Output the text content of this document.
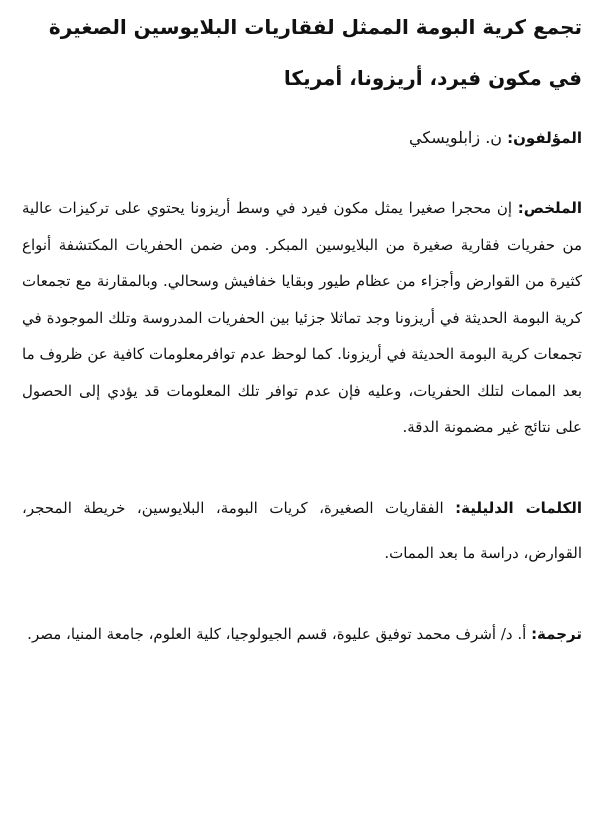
تجمع كرية البومة الممثل لفقاريات البلايوسين الصغيرة في مكون فيرد، أريزونا، أمريكا

المؤلفون: ن. زابلويسكي

الملخص: إن محجرا صغيرا يمثل مكون فيرد في وسط أريزونا يحتوي على تركيزات عالية من حفريات فقارية صغيرة من البلايوسين المبكر. ومن ضمن الحفريات المكتشفة أنواع كثيرة من القوارض وأجزاء من عظام طيور وبقايا خفافيش وسحالي. وبالمقارنة مع تجمعات كرية البومة الحديثة في أريزونا وجد تماثلا جزئيا بين الحفريات المدروسة وتلك الموجودة في تجمعات كرية البومة الحديثة في أريزونا. كما لوحظ عدم توافرمعلومات كافية عن ظروف ما بعد الممات لتلك الحفريات، وعليه فإن عدم توافر تلك المعلومات قد يؤدي إلى الحصول على نتائج غير مضمونة الدقة.

الكلمات الدليلية: الفقاريات الصغيرة، كريات البومة، البلايوسين، خريطة المحجر، القوارض، دراسة ما بعد الممات.

ترجمة: أ. د/ أشرف محمد توفيق عليوة، قسم الجيولوجيا، كلية العلوم، جامعة المنيا، مصر.
